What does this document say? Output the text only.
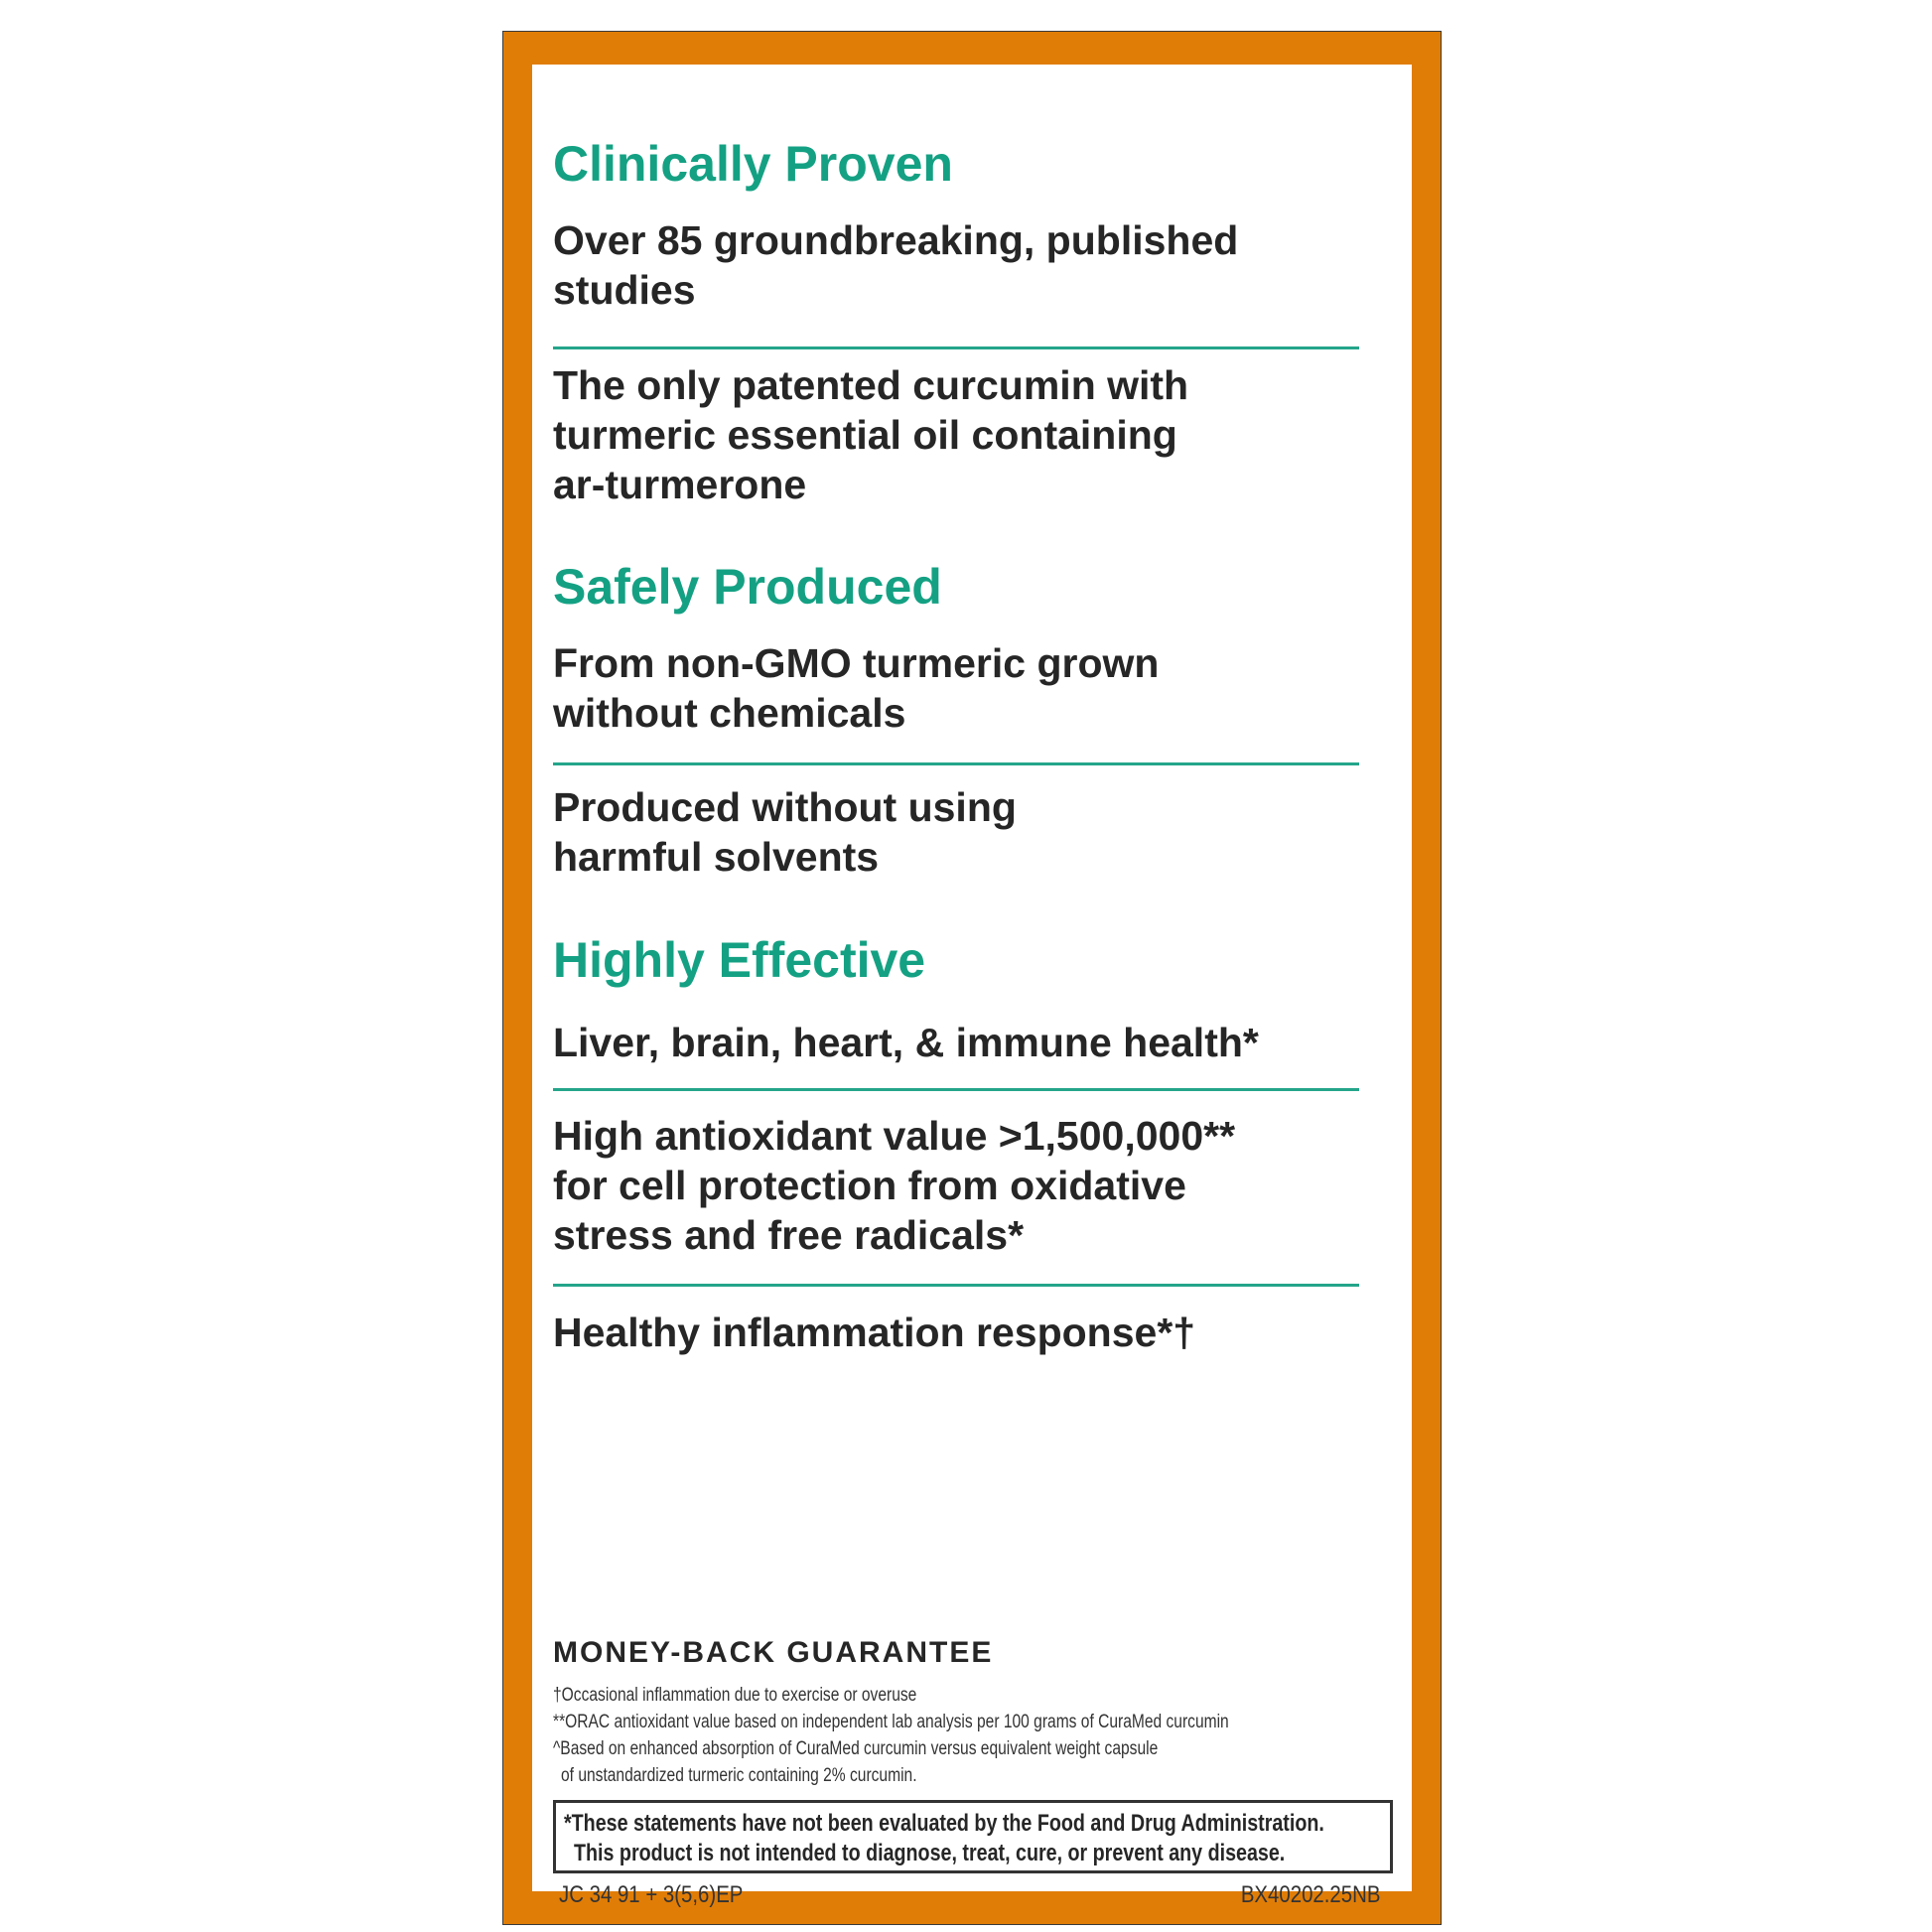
Clinically Proven

Over 85 groundbreaking, published
studies

The only patented curcumin with
turmeric essential oil containing
ar-turmerone

Safely Produced

From non-GMO turmeric grown
without chemicals

Produced without using
harmful solvents

Highly Effective

Liver, brain, heart, & immune health*

High antioxidant value >1,500,000**
for cell protection from oxidative
stress and free radicals*

Healthy inflammation response*†

MONEY-BACK GUARANTEE
†Occasional inflammation due to exercise or overuse
**ORAC antioxidant value based on independent lab analysis per 100 grams of CuraMed curcumin
^Based on enhanced absorption of CuraMed curcumin versus equivalent weight capsule
of unstandardized turmeric containing 2% curcumin.
*These statements have not been evaluated by the Food and Drug Administration.
This product is not intended to diagnose, treat, cure, or prevent any disease.
JC 34 91 + 3(5,6)EP	BX40202.25NB
